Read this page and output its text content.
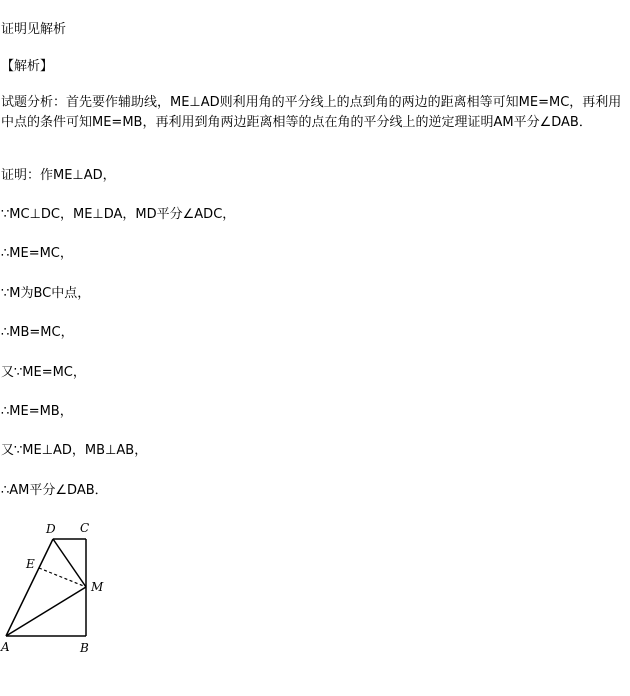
证明见解析
【解析】
试题分析：首先要作辅助线，ME⊥AD则利用角的平分线上的点到角的两边的距离相等可知ME=MC，再利用中点的条件可知ME=MB，再利用到角两边距离相等的点在角的平分线上的逆定理证明AM平分∠DAB．
证明：作ME⊥AD，
∵MC⊥DC，ME⊥DA，MD平分∠ADC，
∴ME=MC，
∵M为BC中点，
∴MB=MC，
又∵ME=MC，
∴ME=MB，
又∵ME⊥AD，MB⊥AB，
∴AM平分∠DAB．
D C
E
M
A	B
